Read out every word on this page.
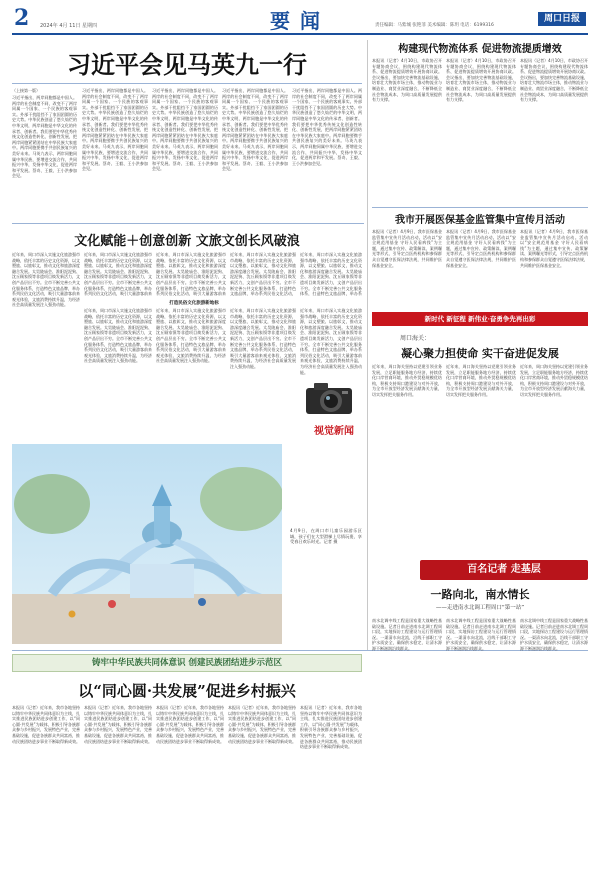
2 2024年 4月 11日 星期四	要闻	责任编辑：马紫城 张艳菲 美术编辑：陈玥 电话：6199316
周口日报
习近平会见马英九一行
（上接第一版）
习近平指出，两岸同胞都是中国人。两岸的社会制度不同，改变不了两岸同属一个国家、一个民族的客观事实。外部干扰阻挡不了家国团圆的历史大势。中华民族创造了悠久灿烂的中华文明，两岸同胞是中华文化的传承者、创新者。我们要把中华优秀传统文化创造性转化、创新性发展，把两岸同胞紧紧团结在中华民族大家庭中。两岸同胞要携手共创民族复兴的美好未来。马英九表示，两岸同胞同属中华民族，要增进交流合作，共同振兴中华，发扬中华文化，促进两岸和平发展。蔡奇、王毅、王小洪参加会见。
习近平指出，两岸同胞都是中国人。两岸的社会制度不同，改变不了两岸同属一个国家、一个民族的客观事实。外部干扰阻挡不了家国团圆的历史大势。中华民族创造了悠久灿烂的中华文明，两岸同胞是中华文化的传承者、创新者。我们要把中华优秀传统文化创造性转化、创新性发展，把两岸同胞紧紧团结在中华民族大家庭中。两岸同胞要携手共创民族复兴的美好未来。马英九表示，两岸同胞同属中华民族，要增进交流合作，共同振兴中华，发扬中华文化，促进两岸和平发展。蔡奇、王毅、王小洪参加会见。
习近平指出，两岸同胞都是中国人。两岸的社会制度不同，改变不了两岸同属一个国家、一个民族的客观事实。外部干扰阻挡不了家国团圆的历史大势。中华民族创造了悠久灿烂的中华文明，两岸同胞是中华文化的传承者、创新者。我们要把中华优秀传统文化创造性转化、创新性发展，把两岸同胞紧紧团结在中华民族大家庭中。两岸同胞要携手共创民族复兴的美好未来。马英九表示，两岸同胞同属中华民族，要增进交流合作，共同振兴中华，发扬中华文化，促进两岸和平发展。蔡奇、王毅、王小洪参加会见。
习近平指出，两岸同胞都是中国人。两岸的社会制度不同，改变不了两岸同属一个国家、一个民族的客观事实。外部干扰阻挡不了家国团圆的历史大势。中华民族创造了悠久灿烂的中华文明，两岸同胞是中华文化的传承者、创新者。我们要把中华优秀传统文化创造性转化、创新性发展，把两岸同胞紧紧团结在中华民族大家庭中。两岸同胞要携手共创民族复兴的美好未来。马英九表示，两岸同胞同属中华民族，要增进交流合作，共同振兴中华，发扬中华文化，促进两岸和平发展。蔡奇、王毅、王小洪参加会见。
习近平指出，两岸同胞都是中国人。两岸的社会制度不同，改变不了两岸同属一个国家、一个民族的客观事实。外部干扰阻挡不了家国团圆的历史大势。中华民族创造了悠久灿烂的中华文明，两岸同胞是中华文化的传承者、创新者。我们要把中华优秀传统文化创造性转化、创新性发展，把两岸同胞紧紧团结在中华民族大家庭中。两岸同胞要携手共创民族复兴的美好未来。马英九表示，两岸同胞同属中华民族，要增进交流合作，共同振兴中华，发扬中华文化，促进两岸和平发展。蔡奇、王毅、王小洪参加会见。
文化赋能＋创意创新 文旅文创长风破浪
近年来，周口市深入实施文化旅游强市战略，依托丰富的历史文化资源，以文塑旅、以旅彰文，推动文化和旅游深度融合发展。太昊陵庙会、淮阳泥泥狗、沈丘顾家馍等非遗项目焕发新活力，文创产品层出不穷。全市不断完善公共文化服务体系，打造特色文旅品牌，举办系列民俗文化活动，吸引大量游客前来观光体验，文旅消费持续升温，为经济社会高质量发展注入强劲动能。
近年来，周口市深入实施文化旅游强市战略，依托丰富的历史文化资源，以文塑旅、以旅彰文，推动文化和旅游深度融合发展。太昊陵庙会、淮阳泥泥狗、沈丘顾家馍等非遗项目焕发新活力，文创产品层出不穷。全市不断完善公共文化服务体系，打造特色文旅品牌，举办系列民俗文化活动，吸引大量游客前来
打造民俗文化旅游新地标
近年来，周口市深入实施文化旅游强市战略，依托丰富的历史文化资源，以文塑旅、以旅彰文，推动文化和旅游深度融合发展。太昊陵庙会、淮阳泥泥狗、沈丘顾家馍等非遗项目焕发新活力，文创产品层出不穷。全市不断完善公共文化服务体系，打造特色文旅品牌，举办系列民俗文化活动，吸引大量游客前来
近年来，周口市深入实施文化旅游强市战略，依托丰富的历史文化资源，以文塑旅、以旅彰文，推动文化和旅游深度融合发展。太昊陵庙会、淮阳泥泥狗、沈丘顾家馍等非遗项目焕发新活力，文创产品层出不穷。全市不断完善公共文化服务体系，打造特色文旅品牌，举办系列民俗文化活动，
近年来，周口市深入实施文化旅游强市战略，依托丰富的历史文化资源，以文塑旅、以旅彰文，推动文化和旅游深度融合发展。太昊陵庙会、淮阳泥泥狗、沈丘顾家馍等非遗项目焕发新活力，文创产品层出不穷。全市不断完善公共文化服务体系，打造特色文旅品牌，举办系
近年来，周口市深入实施文化旅游强市战略，依托丰富的历史文化资源，以文塑旅、以旅彰文，推动文化和旅游深度融合发展。太昊陵庙会、淮阳泥泥狗、沈丘顾家馍等非遗项目焕发新活力，文创产品层出不穷。全市不断完善公共文化服务体系，打造特色文旅品牌，举办系列民俗文化活动，吸引大量游客前来观光体验，文旅消费持续升温，为经济社会高质量发展注入强劲动能。
近年来，周口市深入实施文化旅游强市战略，依托丰富的历史文化资源，以文塑旅、以旅彰文，推动文化和旅游深度融合发展。太昊陵庙会、淮阳泥泥狗、沈丘顾家馍等非遗项目焕发新活力，文创产品层出不穷。全市不断完善公共文化服务体系，打造特色文旅品牌，举办系列民俗文化活动，吸引大量游客前来观光体验，文旅消费持续升温，为经济社会高质量发展注入强劲动能。
近年来，周口市深入实施文化旅游强市战略，依托丰富的历史文化资源，以文塑旅、以旅彰文，推动文化和旅游深度融合发展。太昊陵庙会、淮阳泥泥狗、沈丘顾家馍等非遗项目焕发新活力，文创产品层出不穷。全市不断完善公共文化服务体系，打造特色文旅品牌，举办系列民俗文化活动，吸引大量游客前来观光体验，文旅消费持续升温，为经济社会高质量发展注入强劲动能。
近年来，周口市深入实施文化旅游强市战略，依托丰富的历史文化资源，以文塑旅、以旅彰文，推动文化和旅游深度融合发展。太昊陵庙会、淮阳泥泥狗、沈丘顾家馍等非遗项目焕发新活力，文创产品层出不穷。全市不断完善公共文化服务体系，打造特色文旅品牌，举办系列民俗文化活动，吸引大量游客前来观光体验，文旅消费持续升温，为经济社会高质量发展注入强劲动能。
视觉新闻
4月9日，在周口市儿童乐园游乐区域，孩子们在大型滑梯上尽情玩耍，享受春日欢乐时光。记者 摄
铸牢中华民族共同体意识 创建民族团结进步示范区
以“同心圆·共发展”促进乡村振兴
本报讯（记者）近年来，我市各地坚持以铸牢中华民族共同体意识为主线，扎实推进民族团结进步创建工作，以“同心圆·共发展”为载体，积极引导各族群众参与乡村振兴，发展特色产业，完善基础设施，促进各族群众共同富裕，推动民族团结进步事业不断取得新成效。
本报讯（记者）近年来，我市各地坚持以铸牢中华民族共同体意识为主线，扎实推进民族团结进步创建工作，以“同心圆·共发展”为载体，积极引导各族群众参与乡村振兴，发展特色产业，完善基础设施，促进各族群众共同富裕，推动民族团结进步事业不断取得新成效。
本报讯（记者）近年来，我市各地坚持以铸牢中华民族共同体意识为主线，扎实推进民族团结进步创建工作，以“同心圆·共发展”为载体，积极引导各族群众参与乡村振兴，发展特色产业，完善基础设施，促进各族群众共同富裕，推动民族团结进步事业不断取得新成效。
本报讯（记者）近年来，我市各地坚持以铸牢中华民族共同体意识为主线，扎实推进民族团结进步创建工作，以“同心圆·共发展”为载体，积极引导各族群众参与乡村振兴，发展特色产业，完善基础设施，促进各族群众共同富裕，推动民族团结进步事业不断取得新成效。
本报讯（记者）近年来，我市各地坚持以铸牢中华民族共同体意识为主线，扎实推进民族团结进步创建工作，以“同心圆·共发展”为载体，积极引导各族群众参与乡村振兴，发展特色产业，完善基础设施，促进各族群众共同富裕，推动民族团结进步事业不断取得新成效。
构建现代物流体系 促进物流提质增效
本报讯（记者）4月10日，市政协召开专题协商会议，围绕构建现代物流体系、促进物流提质增效开展协商议政。会议指出，要加快完善物流基础设施，培育壮大物流市场主体，推动物流业与制造业、商贸业深度融合，不断降低全社会物流成本，为周口高质量发展提供有力支撑。
本报讯（记者）4月10日，市政协召开专题协商会议，围绕构建现代物流体系、促进物流提质增效开展协商议政。会议指出，要加快完善物流基础设施，培育壮大物流市场主体，推动物流业与制造业、商贸业深度融合，不断降低全社会物流成本，为周口高质量发展提供有力支撑。
本报讯（记者）4月10日，市政协召开专题协商会议，围绕构建现代物流体系、促进物流提质增效开展协商议政。会议指出，要加快完善物流基础设施，培育壮大物流市场主体，推动物流业与制造业、商贸业深度融合，不断降低全社会物流成本，为周口高质量发展提供有力支撑。
我市开展医保基金监管集中宣传月活动
本报讯（记者）4月9日，我市医保基金监管集中宣传月活动启动。活动以“安全规范用基金 守好人民看病钱”为主题，通过集中宣传、政策解读、案例曝光等形式，引导定点医药机构和参保群众自觉遵守医保法律法规，共同维护医保基金安全。
本报讯（记者）4月9日，我市医保基金监管集中宣传月活动启动。活动以“安全规范用基金 守好人民看病钱”为主题，通过集中宣传、政策解读、案例曝光等形式，引导定点医药机构和参保群众自觉遵守医保法律法规，共同维护医保基金安全。
本报讯（记者）4月9日，我市医保基金监管集中宣传月活动启动。活动以“安全规范用基金 守好人民看病钱”为主题，通过集中宣传、政策解读、案例曝光等形式，引导定点医药机构和参保群众自觉遵守医保法律法规，共同维护医保基金安全。
新时代 新征程 新伟业·奋勇争先再出彩
周口海关：
凝心聚力担使命 实干奋进促发展
近年来，周口海关坚持以党建引领业务发展，立足职能服务地方经济，持续优化口岸营商环境，推动外贸稳规模优结构，积极支持周口港建设与对外开放，为全市开放型经济发展贡献海关力量，切实发挥把关服务作用。
近年来，周口海关坚持以党建引领业务发展，立足职能服务地方经济，持续优化口岸营商环境，推动外贸稳规模优结构，积极支持周口港建设与对外开放，为全市开放型经济发展贡献海关力量，切实发挥把关服务作用。
近年来，周口海关坚持以党建引领业务发展，立足职能服务地方经济，持续优化口岸营商环境，推动外贸稳规模优结构，积极支持周口港建设与对外开放，为全市开放型经济发展贡献海关力量，切实发挥把关服务作用。
百名记者 走基层
一路向北，南水情长
——走进南水北调工程周口“第一站”
南水北调中线工程是国家重大战略性基础设施。记者日前走进南水北调工程周口段，实地探访工程建设与运行管理情况。一渠清水向北流，沿线干部职工守护水质安全，确保供水稳定，让清水源源不断滋润沿线群众。
南水北调中线工程是国家重大战略性基础设施。记者日前走进南水北调工程周口段，实地探访工程建设与运行管理情况。一渠清水向北流，沿线干部职工守护水质安全，确保供水稳定，让清水源源不断滋润沿线群众。
南水北调中线工程是国家重大战略性基础设施。记者日前走进南水北调工程周口段，实地探访工程建设与运行管理情况。一渠清水向北流，沿线干部职工守护水质安全，确保供水稳定，让清水源源不断滋润沿线群众。
